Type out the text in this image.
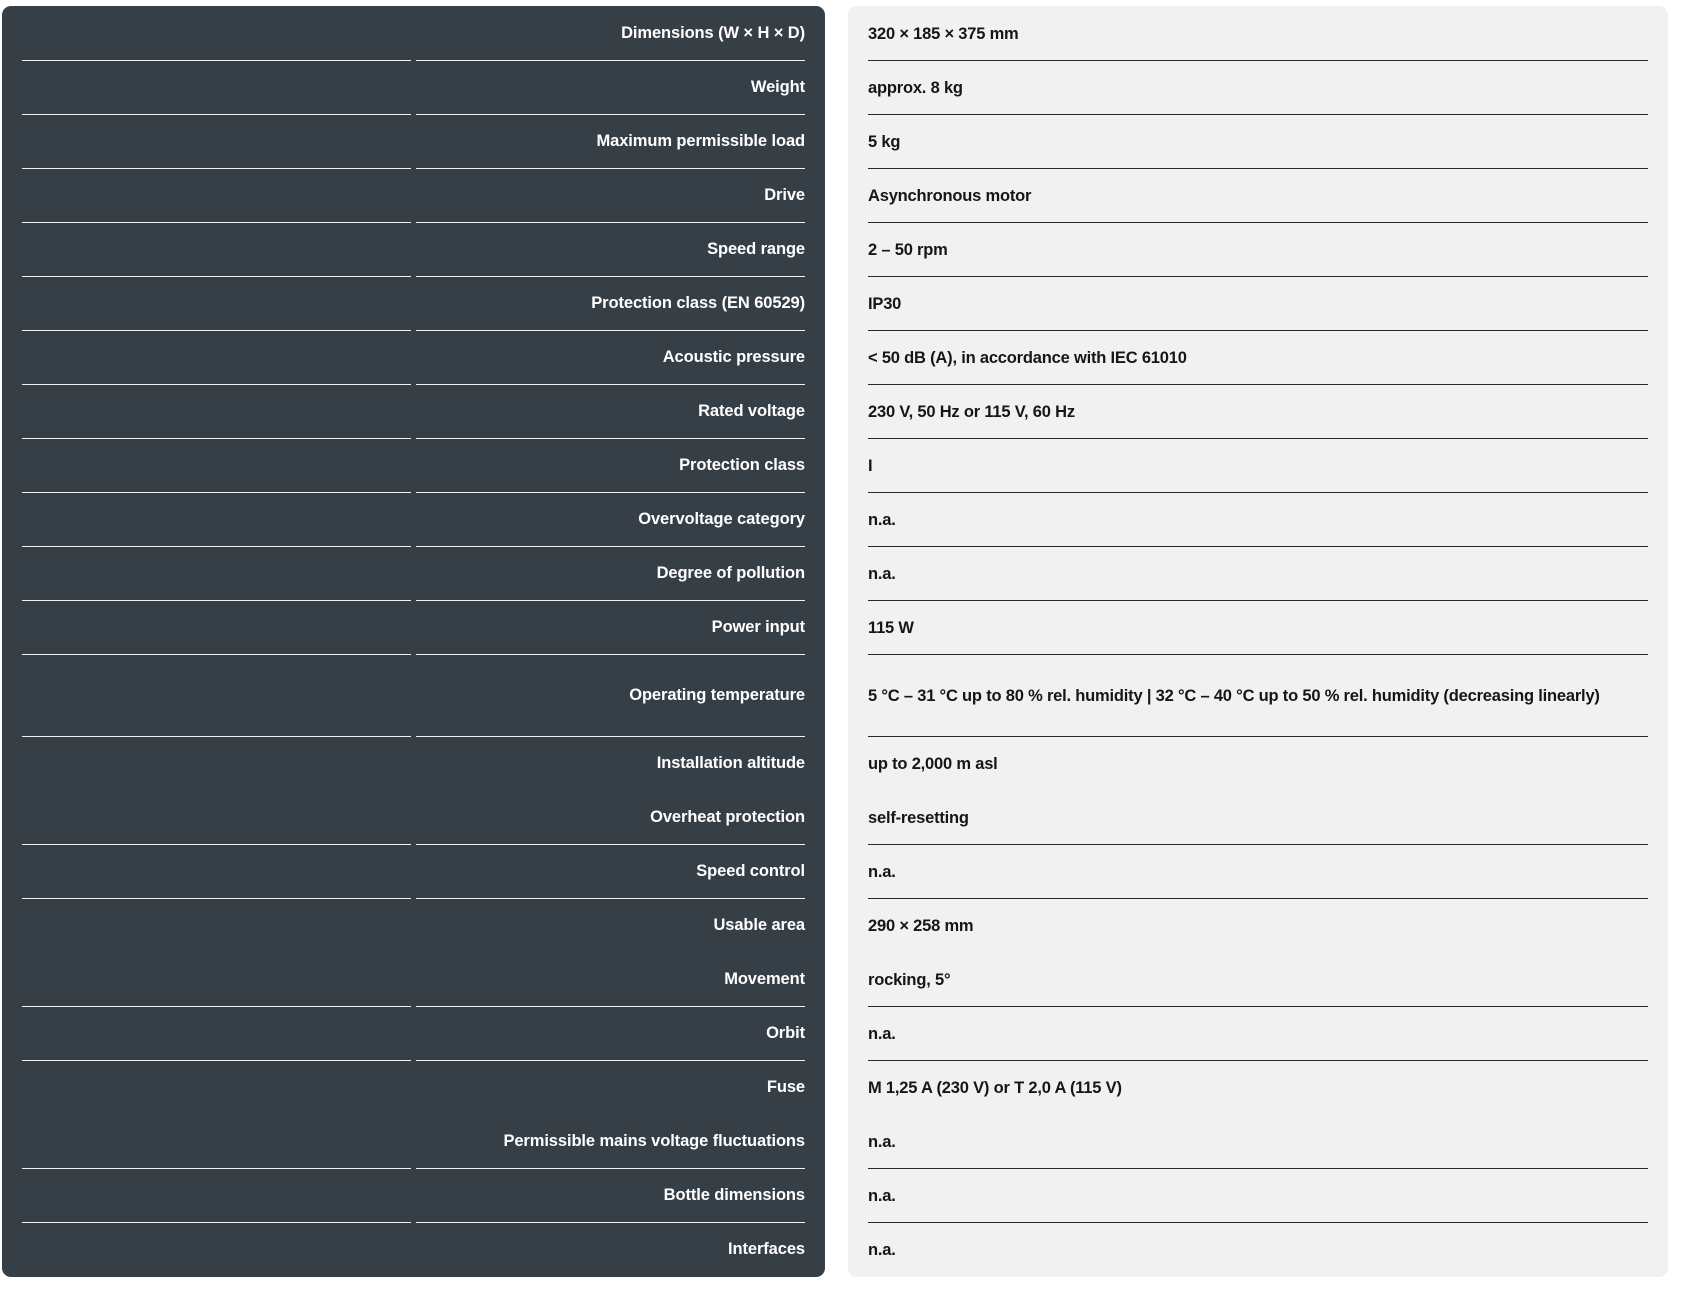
Dimensions (W × H × D)
Weight
Maximum permissible load
Drive
Speed range
Protection class (EN 60529)
Acoustic pressure
Rated voltage
Protection class
Overvoltage category
Degree of pollution
Power input
Operating temperature
Installation altitude
Overheat protection
Speed control
Usable area
Movement
Orbit
Fuse
Permissible mains voltage fluctuations
Bottle dimensions
Interfaces
320 × 185 × 375 mm
approx. 8 kg
5 kg
Asynchronous motor
2 – 50 rpm
IP30
< 50 dB (A), in accordance with IEC 61010
230 V, 50 Hz or 115 V, 60 Hz
I
n.a.
n.a.
115 W
5 °C – 31 °C up to 80 % rel. humidity | 32 °C – 40 °C up to 50 % rel. humidity (decreasing linearly)
up to 2,000 m asl
self-resetting
n.a.
290 × 258 mm
rocking, 5°
n.a.
M 1,25 A (230 V) or T 2,0 A (115 V)
n.a.
n.a.
n.a.
